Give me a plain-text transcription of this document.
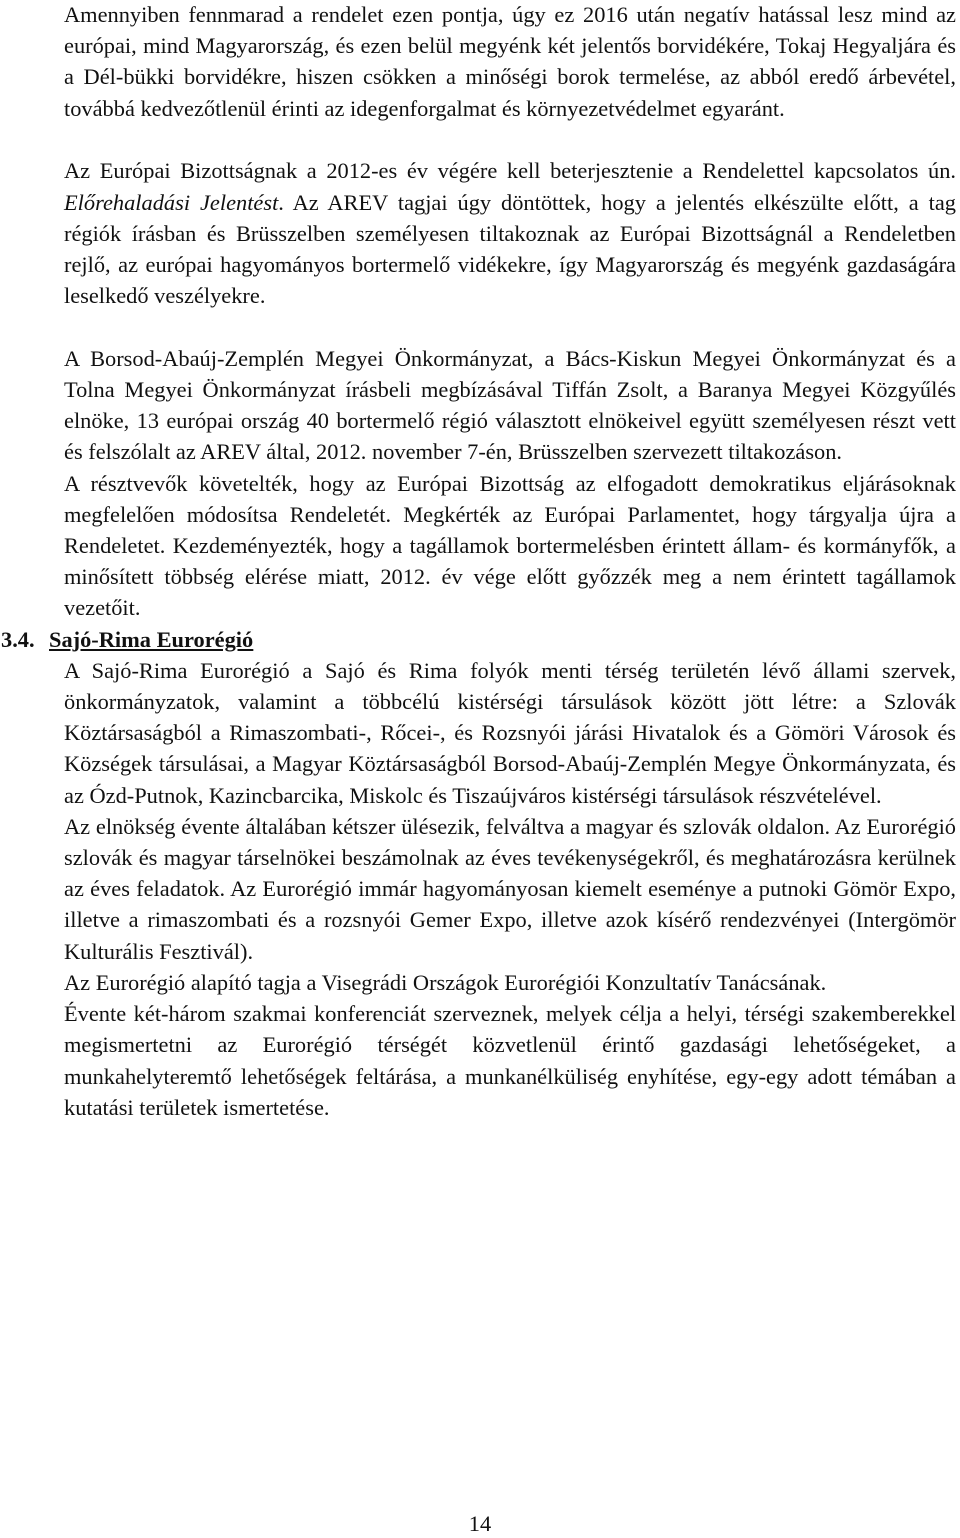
Amennyiben fennmarad a rendelet ezen pontja, úgy ez 2016 után negatív hatással lesz mind az európai, mind Magyarország, és ezen belül megyénk két jelentős borvidékére, Tokaj Hegyaljára és a Dél-bükki borvidékre, hiszen csökken a minőségi borok termelése, az abból eredő árbevétel, továbbá kedvezőtlenül érinti az idegenforgalmat és környezetvédelmet egyaránt.

Az Európai Bizottságnak a 2012-es év végére kell beterjesztenie a Rendelettel kapcsolatos ún. Előrehaladási Jelentést. Az AREV tagjai úgy döntöttek, hogy a jelentés elkészülte előtt, a tag régiók írásban és Brüsszelben személyesen tiltakoznak az Európai Bizottságnál a Rendeletben rejlő, az európai hagyományos bortermelő vidékekre, így Magyarország és megyénk gazdaságára leselkedő veszélyekre.

A Borsod-Abaúj-Zemplén Megyei Önkormányzat, a Bács-Kiskun Megyei Önkormányzat és a Tolna Megyei Önkormányzat írásbeli megbízásával Tiffán Zsolt, a Baranya Megyei Közgyűlés elnöke, 13 európai ország 40 bortermelő régió választott elnökeivel együtt személyesen részt vett és felszólalt az AREV által, 2012. november 7-én, Brüsszelben szervezett tiltakozáson.

A résztvevők követelték, hogy az Európai Bizottság az elfogadott demokratikus eljárásoknak megfelelően módosítsa Rendeletét. Megkérték az Európai Parlamentet, hogy tárgyalja újra a Rendeletet. Kezdeményezték, hogy a tagállamok bortermelésben érintett állam- és kormányfők, a minősített többség elérése miatt, 2012. év vége előtt győzzék meg a nem érintett tagállamok vezetőit.

3.4. Sajó-Rima Eurorégió

A Sajó-Rima Eurorégió a Sajó és Rima folyók menti térség területén lévő állami szervek, önkormányzatok, valamint a többcélú kistérségi társulások között jött létre: a Szlovák Köztársaságból a Rimaszombati-, Rőcei-, és Rozsnyói járási Hivatalok és a Gömöri Városok és Községek társulásai, a Magyar Köztársaságból Borsod-Abaúj-Zemplén Megye Önkormányzata, és az Ózd-Putnok, Kazincbarcika, Miskolc és Tiszaújváros kistérségi társulások részvételével.

Az elnökség évente általában kétszer ülésezik, felváltva a magyar és szlovák oldalon. Az Eurorégió szlovák és magyar társelnökei beszámolnak az éves tevékenységekről, és meghatározásra kerülnek az éves feladatok. Az Eurorégió immár hagyományosan kiemelt eseménye a putnoki Gömör Expo, illetve a rimaszombati és a rozsnyói Gemer Expo, illetve azok kísérő rendezvényei (Intergömör Kulturális Fesztivál).

Az Eurorégió alapító tagja a Visegrádi Országok Eurorégiói Konzultatív Tanácsának.

Évente két-három szakmai konferenciát szerveznek, melyek célja a helyi, térségi szakemberekkel megismertetni az Eurorégió térségét közvetlenül érintő gazdasági lehetőségeket, a munkahelyteremtő lehetőségek feltárása, a munkanélküliség enyhítése, egy-egy adott témában a kutatási területek ismertetése.

14
